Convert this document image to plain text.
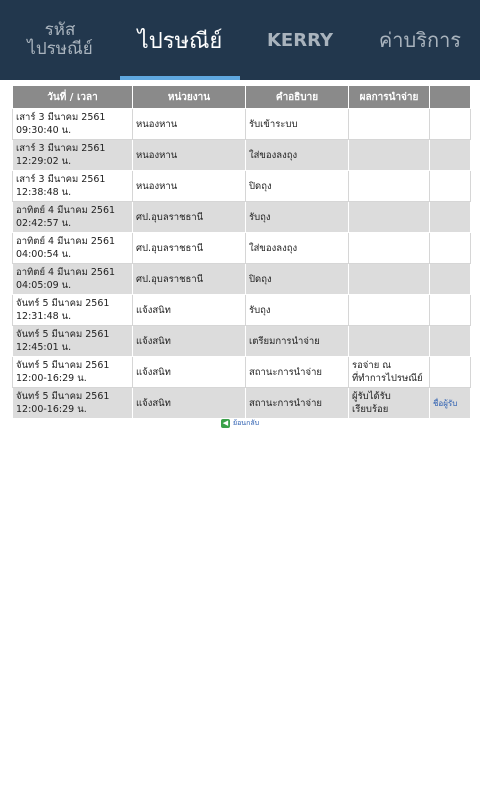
รหัส
ไปรษณีย์ ไปรษณีย์ KERRY ค่าบริการ
วันที่ / เวลา	หน่วยงาน	คำอธิบาย	ผลการนำจ่าย	

เสาร์ 3 มีนาคม 2561
09:30:40 น.	หนองหาน	รับเข้าระบบ		

เสาร์ 3 มีนาคม 2561
12:29:02 น.	หนองหาน	ใส่ของลงถุง		

เสาร์ 3 มีนาคม 2561
12:38:48 น.	หนองหาน	ปิดถุง		

อาทิตย์ 4 มีนาคม 2561
02:42:57 น.	ศป.อุบลราชธานี	รับถุง		

อาทิตย์ 4 มีนาคม 2561
04:00:54 น.	ศป.อุบลราชธานี	ใส่ของลงถุง		

อาทิตย์ 4 มีนาคม 2561
04:05:09 น.	ศป.อุบลราชธานี	ปิดถุง		

จันทร์ 5 มีนาคม 2561
12:31:48 น.	แจ้งสนิท	รับถุง		

จันทร์ 5 มีนาคม 2561
12:45:01 น.	แจ้งสนิท	เตรียมการนำจ่าย		

จันทร์ 5 มีนาคม 2561
12:00-16:29 น.	แจ้งสนิท	สถานะการนำจ่าย	รอจ่าย ณ ที่ทำการไปรษณีย์	

จันทร์ 5 มีนาคม 2561
12:00-16:29 น.	แจ้งสนิท	สถานะการนำจ่าย	ผู้รับได้รับเรียบร้อย	ชื่อผู้รับ
◀ ย้อนกลับ
